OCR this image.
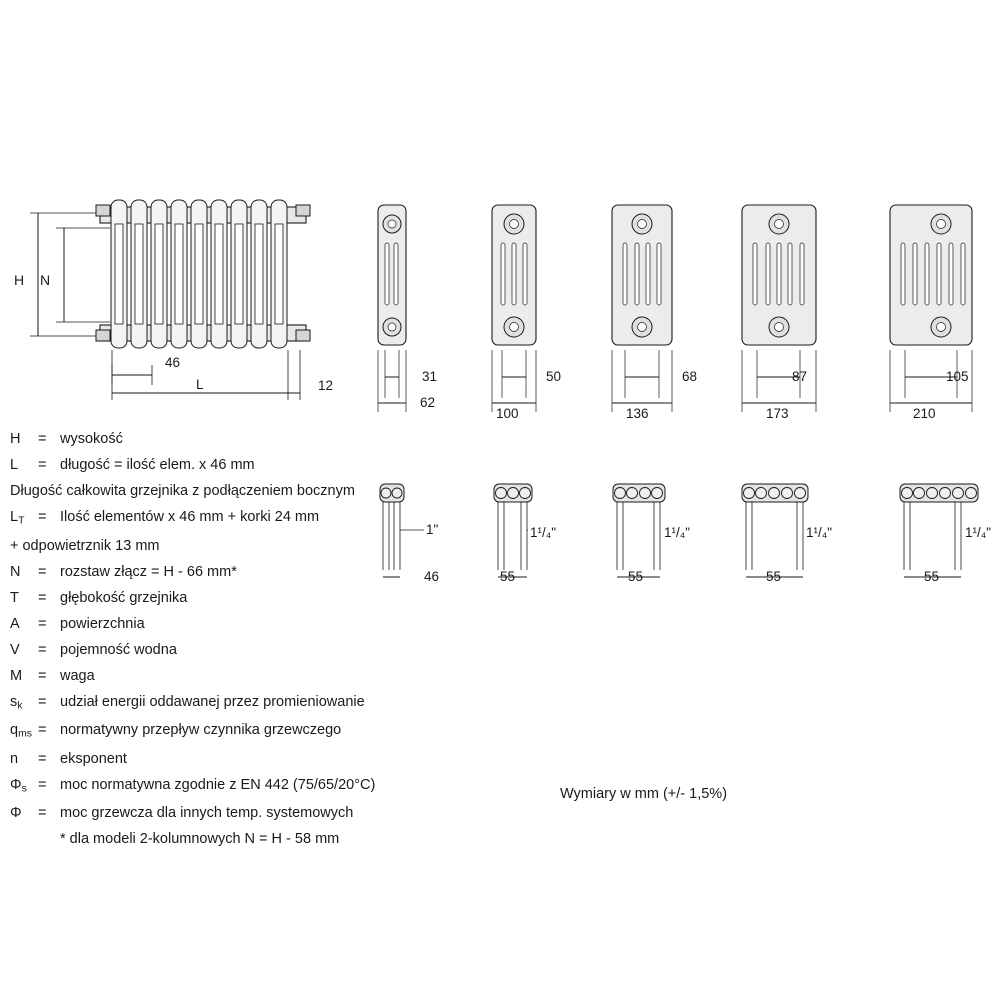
H N
46
L	12
31
62
50
100
68
136
87
173
105
210
1"
46
1¹/₄"
55
1¹/₄"
55
1¹/₄"
55
1¹/₄"
55
H	= wysokość
L	= długość = ilość elem. x 46 mm
Długość całkowita grzejnika z podłączeniem bocznym
$L_T$ = Ilość elementów x 46 mm + korki 24 mm
+ odpowietrznik 13 mm
N	= rozstaw złącz = H - 66 mm*
T	= głębokość grzejnika
A	= powierzchnia
V	= pojemność wodna
M	= waga
$s_k$	= udział energii oddawanej przez promieniowanie
$q_{ms}$ = normatywny przepływ czynnika grzewczego
n	= eksponent
$\Phi_s$ = moc normatywna zgodnie z EN 442 (75/65/20°C)
Φ	= moc grzewcza dla innych temp. systemowych
* dla modeli 2-kolumnowych N = H - 58 mm
Wymiary w mm (+/- 1,5%)
